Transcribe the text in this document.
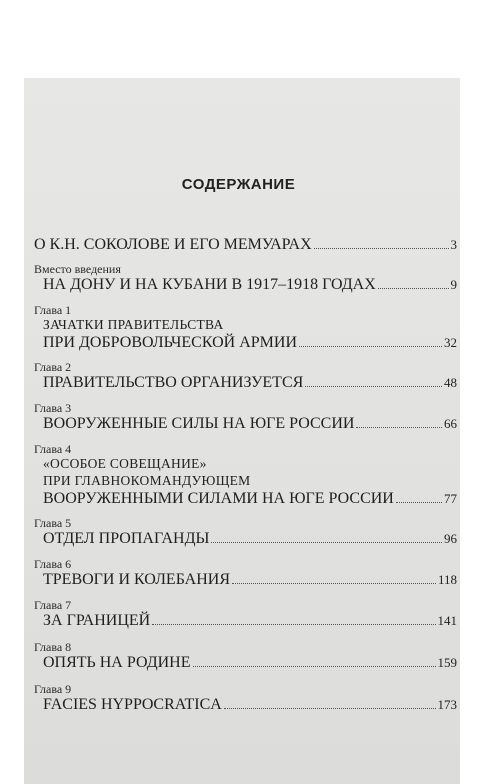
СОДЕРЖАНИЕ
О К.Н. СОКОЛОВЕ И ЕГО МЕМУАРАХ	3
Вместо введения
НА ДОНУ И НА КУБАНИ В 1917–1918 ГОДАХ	9
Глава 1
ЗАЧАТКИ ПРАВИТЕЛЬСТВА
ПРИ ДОБРОВОЛЬЧЕСКОЙ АРМИИ	32
Глава 2
ПРАВИТЕЛЬСТВО ОРГАНИЗУЕТСЯ	48
Глава 3
ВООРУЖЕННЫЕ СИЛЫ НА ЮГЕ РОССИИ	66
Глава 4
«ОСОБОЕ СОВЕЩАНИЕ»
ПРИ ГЛАВНОКОМАНДУЮЩЕМ
ВООРУЖЕННЫМИ СИЛАМИ НА ЮГЕ РОССИИ	77
Глава 5
ОТДЕЛ ПРОПАГАНДЫ	96
Глава 6
ТРЕВОГИ И КОЛЕБАНИЯ	118
Глава 7
ЗА ГРАНИЦЕЙ	141
Глава 8
ОПЯТЬ НА РОДИНЕ	159
Глава 9
FACIES HYPPOCRATICA	173
